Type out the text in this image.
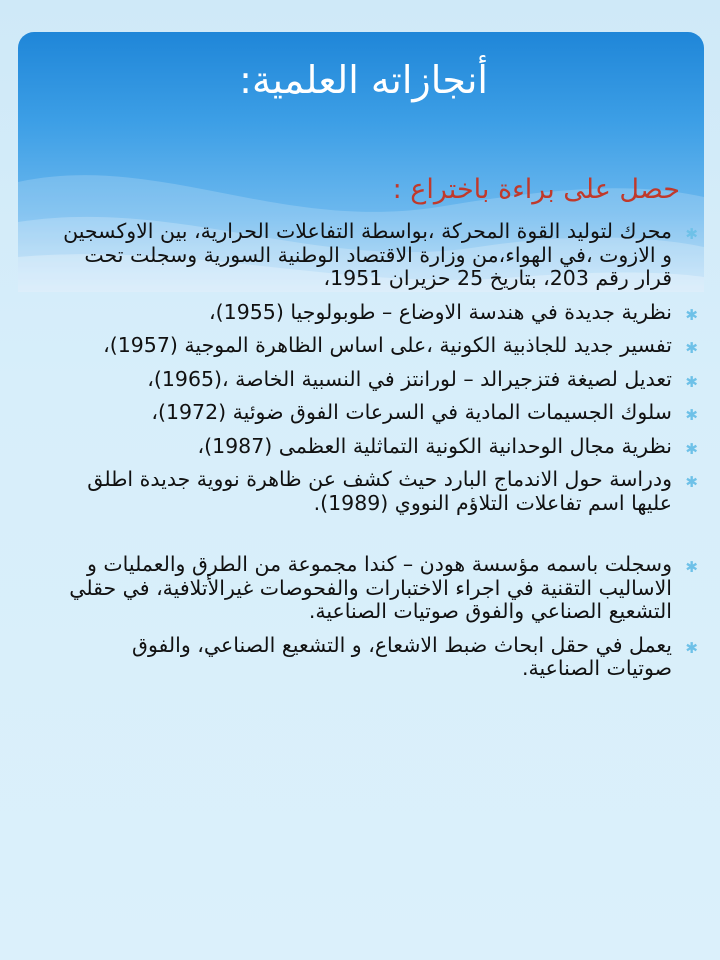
أنجازاته العلمية:
حصل على براءة باختراع :
✱
محرك لتوليد القوة المحركة ،بواسطة التفاعلات الحرارية، بين الاوكسجين و الازوت ،في الهواء،من وزارة الاقتصاد الوطنية السورية وسجلت تحت قرار رقم 203، بتاريخ 25 حزيران 1951،
✱
نظرية جديدة في هندسة الاوضاع – طوبولوجيا (1955)،
✱
تفسير جديد للجاذبية الكونية ،على اساس الظاهرة الموجية (1957)،
✱
تعديل لصيغة فتزجيرالد – لورانتز في النسبية الخاصة ،(1965)،
✱
سلوك الجسيمات المادية في السرعات الفوق ضوئية (1972)،
✱
نظرية مجال الوحدانية الكونية التماثلية العظمى (1987)،
✱
ودراسة حول الاندماج البارد حيث كشف عن ظاهرة نووية جديدة اطلق عليها اسم تفاعلات التلاؤم النووي (1989).
✱
وسجلت باسمه مؤسسة هودن – كندا مجموعة من الطرق والعمليات و الاساليب التقنية في اجراء الاختبارات والفحوصات غيرالأتلافية، في حقلي التشعيع الصناعي والفوق صوتيات الصناعية.
✱
يعمل في حقل ابحاث ضبط الاشعاع، و التشعيع الصناعي، والفوق صوتيات الصناعية.
